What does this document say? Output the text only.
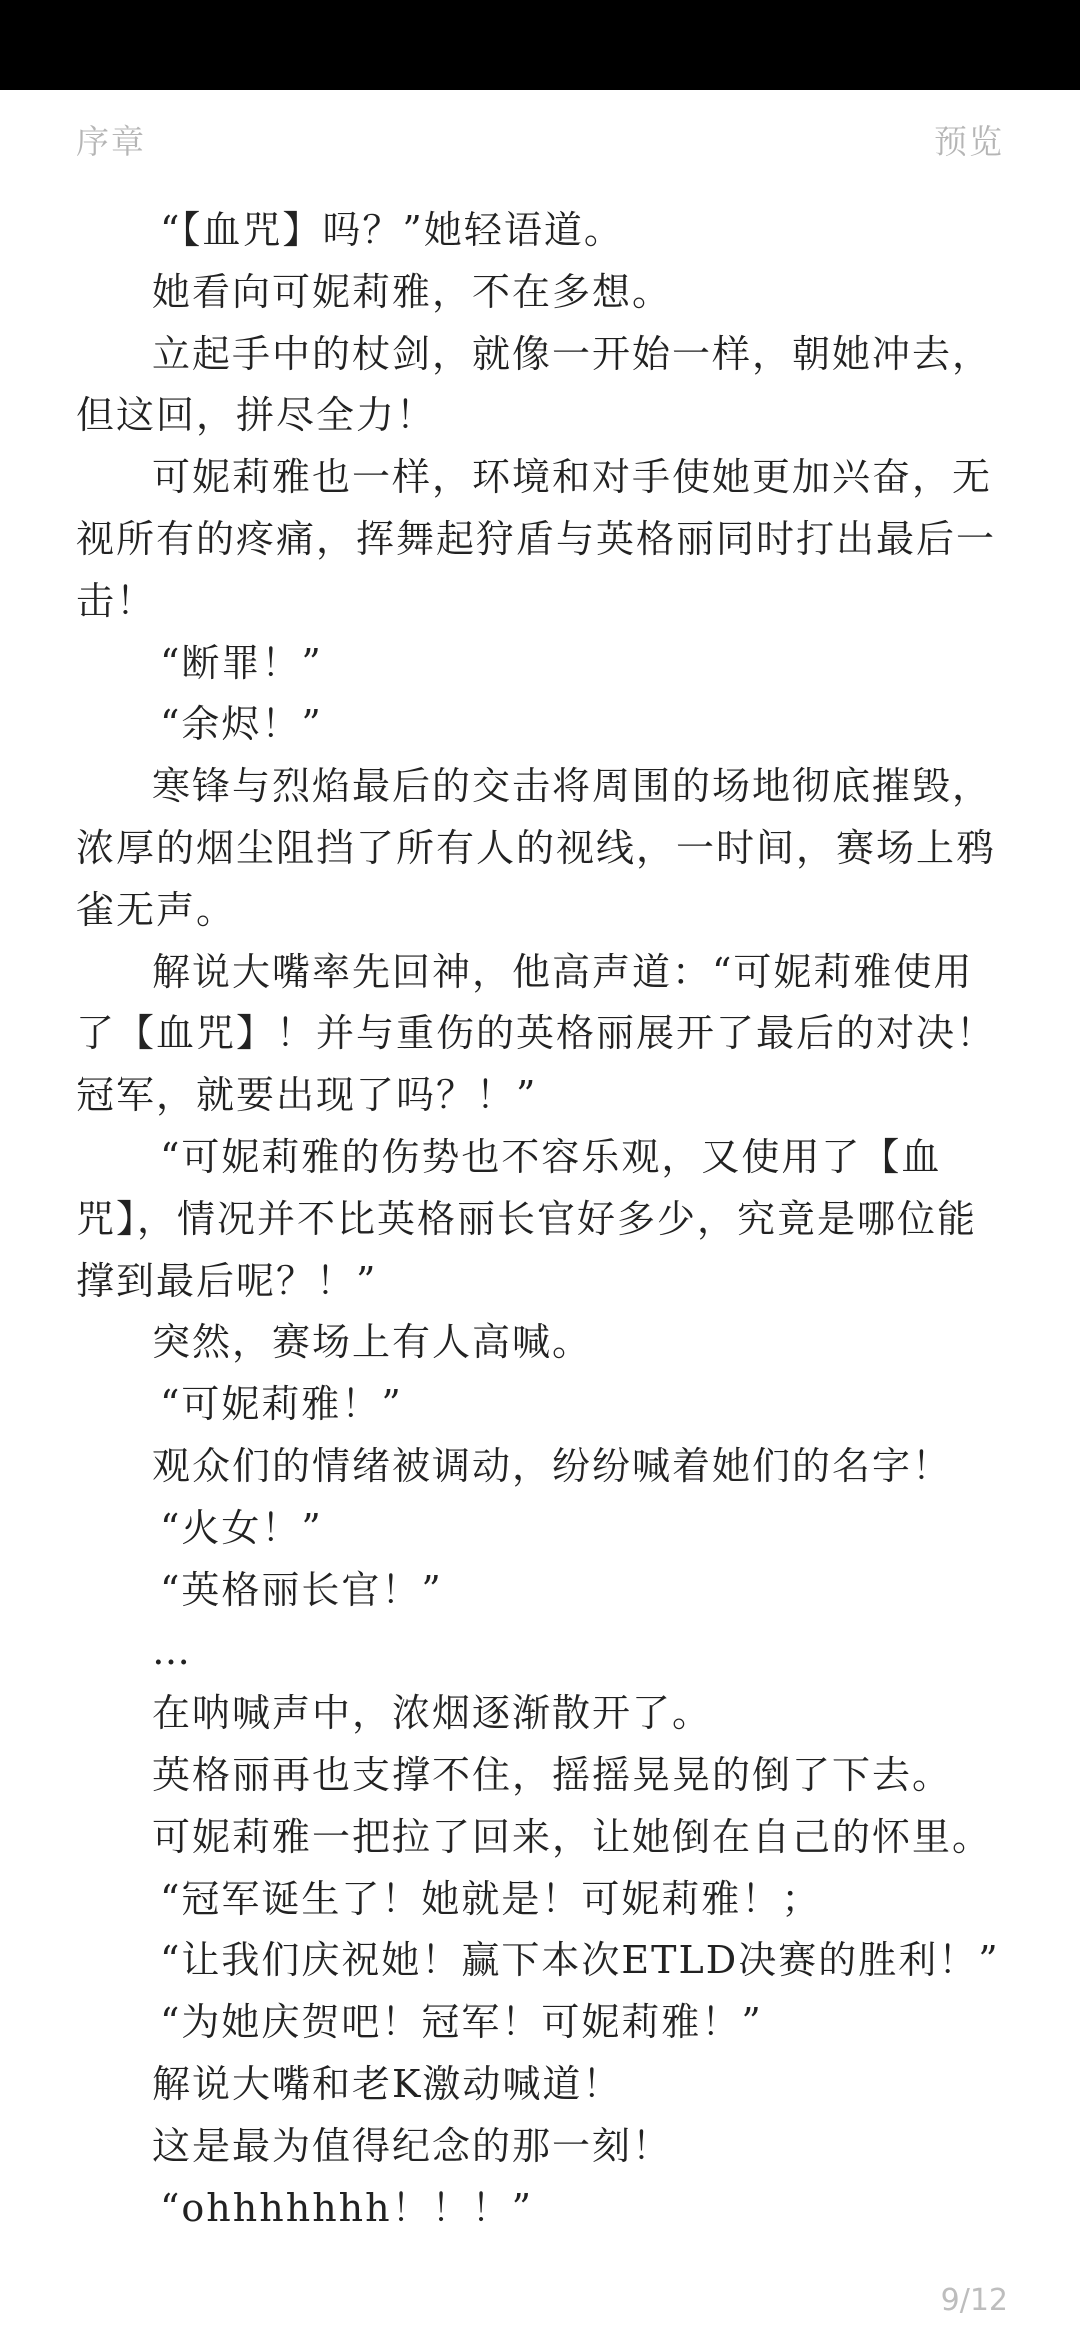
序章	预览
“【血咒】吗？”她轻语道。
她看向可妮莉雅，不在多想。
立起手中的杖剑，就像一开始一样，朝她冲去，
但这回，拼尽全力！
可妮莉雅也一样，环境和对手使她更加兴奋，无
视所有的疼痛，挥舞起狩盾与英格丽同时打出最后一
击！
“断罪！”
“余烬！”
寒锋与烈焰最后的交击将周围的场地彻底摧毁，
浓厚的烟尘阻挡了所有人的视线，一时间，赛场上鸦
雀无声。
解说大嘴率先回神，他高声道：“可妮莉雅使用
了【血咒】！并与重伤的英格丽展开了最后的对决！
冠军，就要出现了吗？！”
“可妮莉雅的伤势也不容乐观，又使用了【血
咒】，情况并不比英格丽长官好多少，究竟是哪位能
撑到最后呢？！”
突然，赛场上有人高喊。
“可妮莉雅！”
观众们的情绪被调动，纷纷喊着她们的名字！
“火女！”
“英格丽长官！”
…
在呐喊声中，浓烟逐渐散开了。
英格丽再也支撑不住，摇摇晃晃的倒了下去。
可妮莉雅一把拉了回来，让她倒在自己的怀里。
“冠军诞生了！她就是！可妮莉雅！；
“让我们庆祝她！赢下本次ETLD决赛的胜利！”
“为她庆贺吧！冠军！可妮莉雅！”
解说大嘴和老K激动喊道！
这是最为值得纪念的那一刻！
“ohhhhhhh！！！”
9/12
